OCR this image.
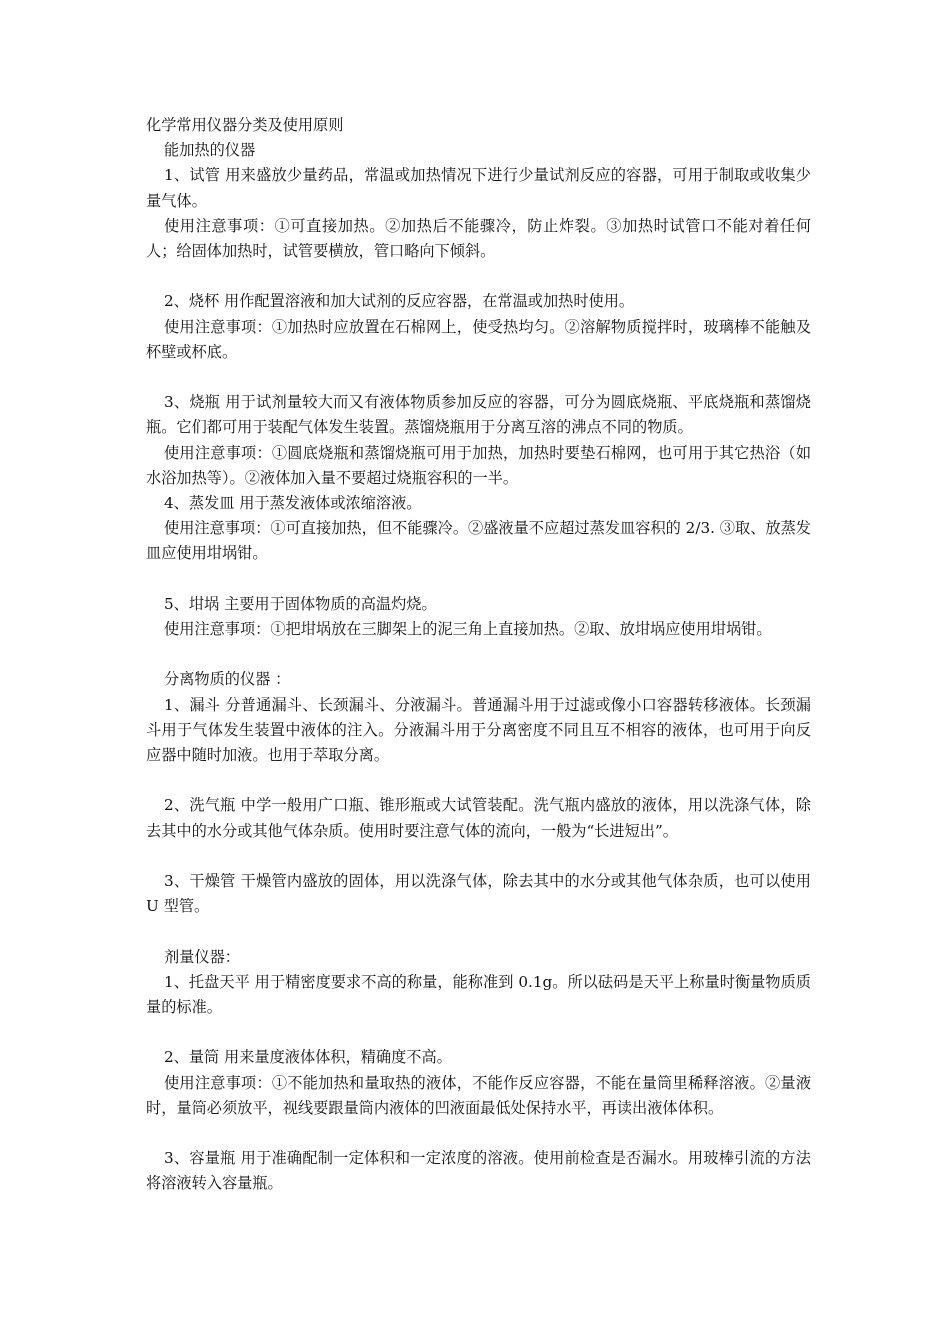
化学常用仪器分类及使用原则

能加热的仪器

1、试管 用来盛放少量药品，常温或加热情况下进行少量试剂反应的容器，可用于制取或收集少量气体。

使用注意事项：①可直接加热。②加热后不能骤冷，防止炸裂。③加热时试管口不能对着任何人；给固体加热时，试管要横放，管口略向下倾斜。

2、烧杯 用作配置溶液和加大试剂的反应容器，在常温或加热时使用。

使用注意事项：①加热时应放置在石棉网上，使受热均匀。②溶解物质搅拌时，玻璃棒不能触及杯壁或杯底。

3、烧瓶 用于试剂量较大而又有液体物质参加反应的容器，可分为圆底烧瓶、平底烧瓶和蒸馏烧瓶。它们都可用于装配气体发生装置。蒸馏烧瓶用于分离互溶的沸点不同的物质。

使用注意事项：①圆底烧瓶和蒸馏烧瓶可用于加热，加热时要垫石棉网，也可用于其它热浴（如水浴加热等）。②液体加入量不要超过烧瓶容积的一半。

4、蒸发皿 用于蒸发液体或浓缩溶液。

使用注意事项：①可直接加热，但不能骤冷。②盛液量不应超过蒸发皿容积的 2/3. ③取、放蒸发皿应使用坩埚钳。

5、坩埚 主要用于固体物质的高温灼烧。

使用注意事项：①把坩埚放在三脚架上的泥三角上直接加热。②取、放坩埚应使用坩埚钳。

分离物质的仪器 ：

1、漏斗 分普通漏斗、长颈漏斗、分液漏斗。普通漏斗用于过滤或像小口容器转移液体。长颈漏斗用于气体发生装置中液体的注入。分液漏斗用于分离密度不同且互不相容的液体，也可用于向反应器中随时加液。也用于萃取分离。

2、洗气瓶 中学一般用广口瓶、锥形瓶或大试管装配。洗气瓶内盛放的液体，用以洗涤气体，除去其中的水分或其他气体杂质。使用时要注意气体的流向，一般为“长进短出”。

3、干燥管 干燥管内盛放的固体，用以洗涤气体，除去其中的水分或其他气体杂质，也可以使用 U 型管。

剂量仪器：

1、托盘天平 用于精密度要求不高的称量，能称准到 0.1g。所以砝码是天平上称量时衡量物质质量的标准。

2、量筒 用来量度液体体积，精确度不高。

使用注意事项：①不能加热和量取热的液体，不能作反应容器，不能在量筒里稀释溶液。②量液时，量筒必须放平，视线要跟量筒内液体的凹液面最低处保持水平，再读出液体体积。

3、容量瓶 用于准确配制一定体积和一定浓度的溶液。使用前检查是否漏水。用玻棒引流的方法将溶液转入容量瓶。
